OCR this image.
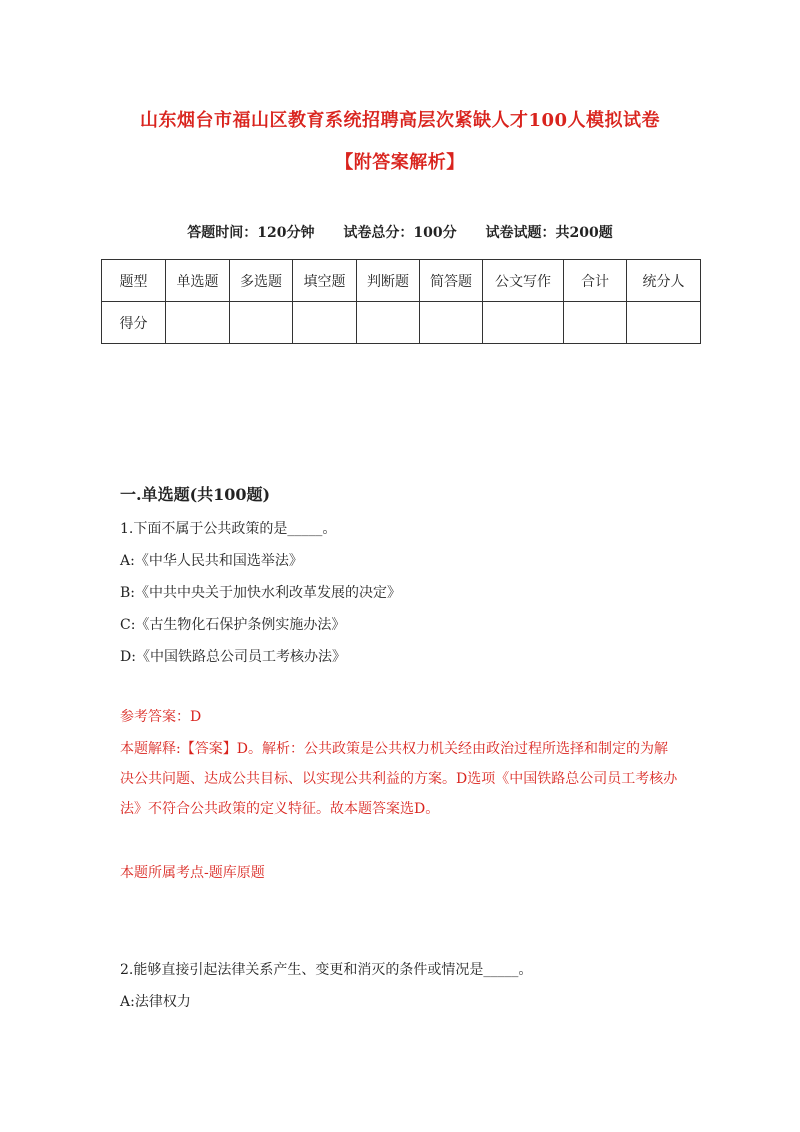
山东烟台市福山区教育系统招聘高层次紧缺人才100人模拟试卷
【附答案解析】
答题时间：120分钟 试卷总分：100分 试卷试题：共200题
题型	单选题	多选题	填空题	判断题	简答题	公文写作	合计	统分人
得分								
一.单选题(共100题)
1.下面不属于公共政策的是_____。
A:《中华人民共和国选举法》
B:《中共中央关于加快水利改革发展的决定》
C:《古生物化石保护条例实施办法》
D:《中国铁路总公司员工考核办法》
参考答案：D
本题解释:【答案】D。解析：公共政策是公共权力机关经由政治过程所选择和制定的为解决公共问题、达成公共目标、以实现公共利益的方案。D选项《中国铁路总公司员工考核办法》不符合公共政策的定义特征。故本题答案选D。
本题所属考点-题库原题
2.能够直接引起法律关系产生、变更和消灭的条件或情况是_____。
A:法律权力
